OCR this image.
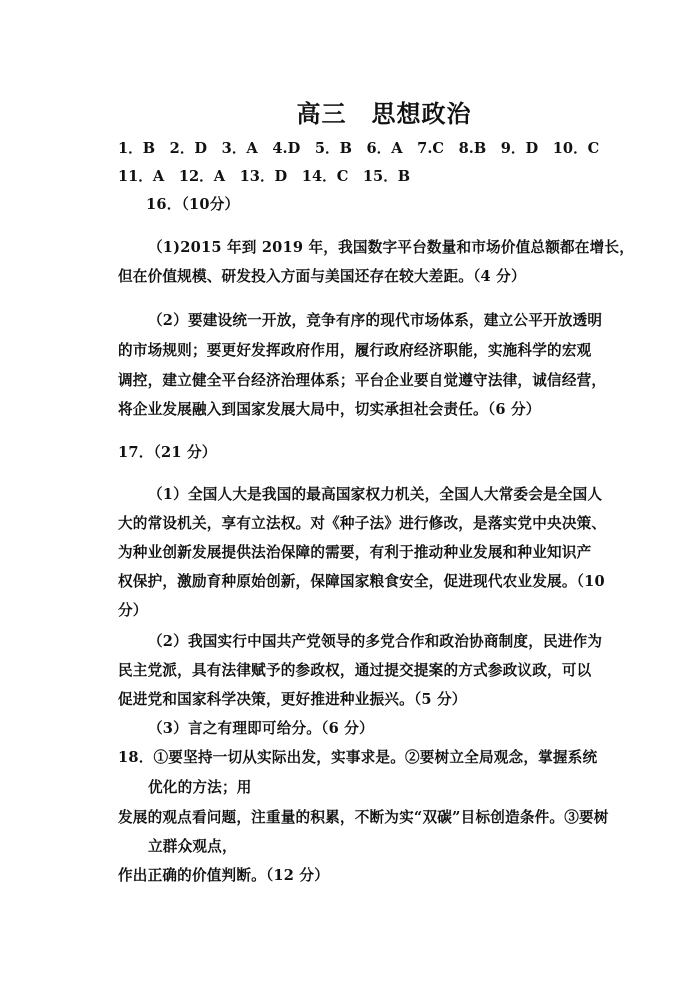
高三　思想政治
1．B　2．D　3．A　4.D　5．B　6．A　7.C　8.B　9．D　10．C
11．A　12．A　13．D　14．C　15．B
16．（10分）
（1)2015 年到 2019 年，我国数字平台数量和市场价值总额都在增长，
但在价值规模、研发投入方面与美国还存在较大差距。（4 分）
（2）要建设统一开放，竞争有序的现代市场体系，建立公平开放透明
的市场规则；要更好发挥政府作用，履行政府经济职能，实施科学的宏观
调控，建立健全平台经济治理体系；平台企业要自觉遵守法律，诚信经营，
将企业发展融入到国家发展大局中，切实承担社会责任。（6 分）
17．（21 分）
（1）全国人大是我国的最高国家权力机关，全国人大常委会是全国人
大的常设机关，享有立法权。对《种子法》进行修改，是落实党中央决策、
为种业创新发展提供法治保障的需要，有利于推动种业发展和种业知识产
权保护，激励育种原始创新，保障国家粮食安全，促进现代农业发展。（10
分）
（2）我国实行中国共产党领导的多党合作和政治协商制度，民进作为
民主党派，具有法律赋予的参政权，通过提交提案的方式参政议政，可以
促进党和国家科学决策，更好推进种业振兴。（5 分）
（3）言之有理即可给分。（6 分）
18．①要坚持一切从实际出发，实事求是。②要树立全局观念，掌握系统
优化的方法；用
发展的观点看问题，注重量的积累，不断为实“双碳”目标创造条件。③要树
立群众观点，
作出正确的价值判断。（12 分）
